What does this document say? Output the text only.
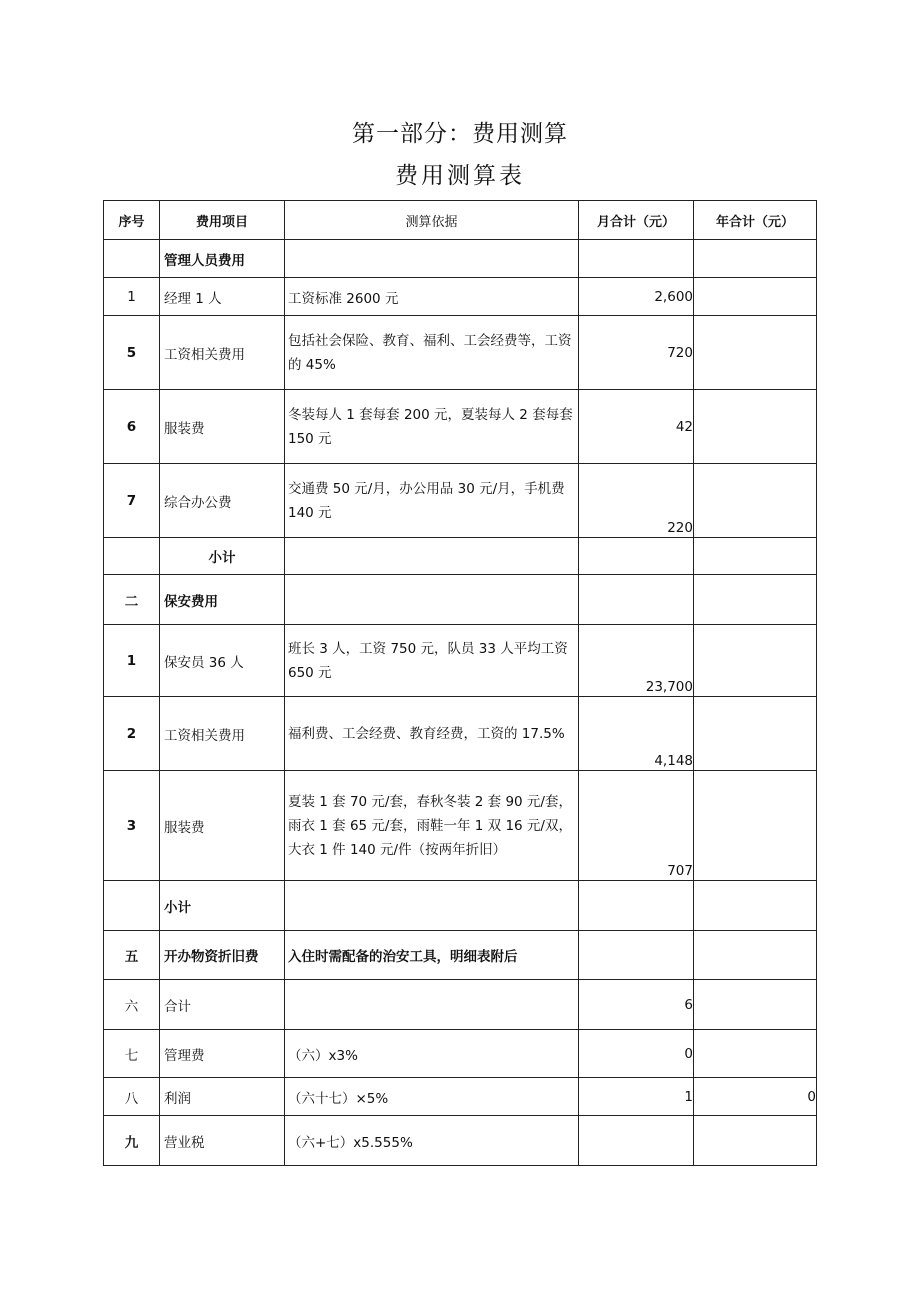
第一部分：费用测算
费用测算表
序号	费用项目	测算依据	月合计（元）	年合计（元）
	管理人员费用			
1	经理 1 人	工资标准 2600 元	2,600	
5	工资相关费用	包括社会保险、教育、福利、工会经费等，工资的 45%	720	
6	服装费	冬装每人 1 套每套 200 元，夏装每人 2 套每套 150 元	42	
7	综合办公费	交通费 50 元/月，办公用品 30 元/月，手机费 140 元	220	
	小计			
二	保安费用			
1	保安员 36 人	班长 3 人，工资 750 元，队员 33 人平均工资 650 元	23,700	
2	工资相关费用	福利费、工会经费、教育经费，工资的 17.5%	4,148	
3	服装费	夏装 1 套 70 元/套，春秋冬装 2 套 90 元/套，雨衣 1 套 65 元/套，雨鞋一年 1 双 16 元/双，大衣 1 件 140 元/件（按两年折旧）	707	
	小计			
五	开办物资折旧费	入住时需配备的治安工具，明细表附后		
六	合计		6	
七	管理费	（六）x3%	0	
八	利润	（六十七）×5%	1	0
九	营业税	（六+七）x5.555%		
